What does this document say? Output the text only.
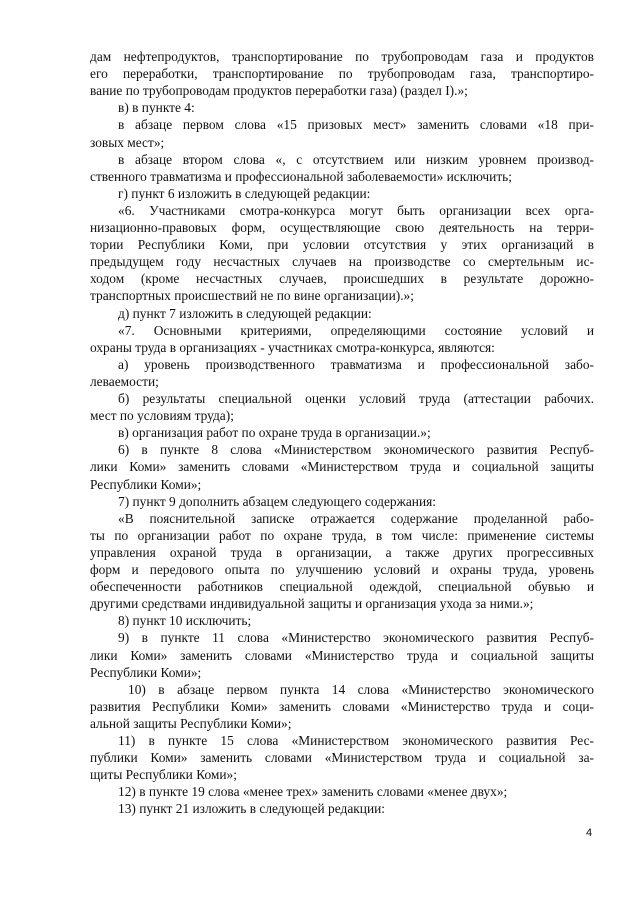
дам нефтепродуктов, транспортирование по трубопроводам газа и продуктов
его переработки, транспортирование по трубопроводам газа, транспортиро-
вание по трубопроводам продуктов переработки газа) (раздел I).»;
в) в пункте 4:
в абзаце первом слова «15 призовых мест» заменить словами «18 при-
зовых мест»;
в абзаце втором слова «, с отсутствием или низким уровнем производ-
ственного травматизма и профессиональной заболеваемости» исключить;
г) пункт 6 изложить в следующей редакции:
«6. Участниками смотра-конкурса могут быть организации всех орга-
низационно-правовых форм, осуществляющие свою деятельность на терри-
тории Республики Коми, при условии отсутствия у этих организаций в
предыдущем году несчастных случаев на производстве со смертельным ис-
ходом (кроме несчастных случаев, происшедших в результате дорожно-
транспортных происшествий не по вине организации).»;
д) пункт 7 изложить в следующей редакции:
«7. Основными критериями, определяющими состояние условий и
охраны труда в организациях - участниках смотра-конкурса, являются:
а) уровень производственного травматизма и профессиональной забо-
леваемости;
б) результаты специальной оценки условий труда (аттестации рабочих.
мест по условиям труда);
в) организация работ по охране труда в организации.»;
6) в пункте 8 слова «Министерством экономического развития Респуб-
лики Коми» заменить словами «Министерством труда и социальной защиты
Республики Коми»;
7) пункт 9 дополнить абзацем следующего содержания:
«В пояснительной записке отражается содержание проделанной рабо-
ты по организации работ по охране труда, в том числе: применение системы
управления охраной труда в организации, а также других прогрессивных
форм и передового опыта по улучшению условий и охраны труда, уровень
обеспеченности работников специальной одеждой, специальной обувью и
другими средствами индивидуальной защиты и организация ухода за ними.»;
8) пункт 10 исключить;
9) в пункте 11 слова «Министерство экономического развития Респуб-
лики Коми» заменить словами «Министерство труда и социальной защиты
Республики Коми»;
10) в абзаце первом пункта 14 слова «Министерство экономического
развития Республики Коми» заменить словами «Министерство труда и соци-
альной защиты Республики Коми»;
11) в пункте 15 слова «Министерством экономического развития Рес-
публики Коми» заменить словами «Министерством труда и социальной за-
щиты Республики Коми»;
12) в пункте 19 слова «менее трех» заменить словами «менее двух»;
13) пункт 21 изложить в следующей редакции:
4
